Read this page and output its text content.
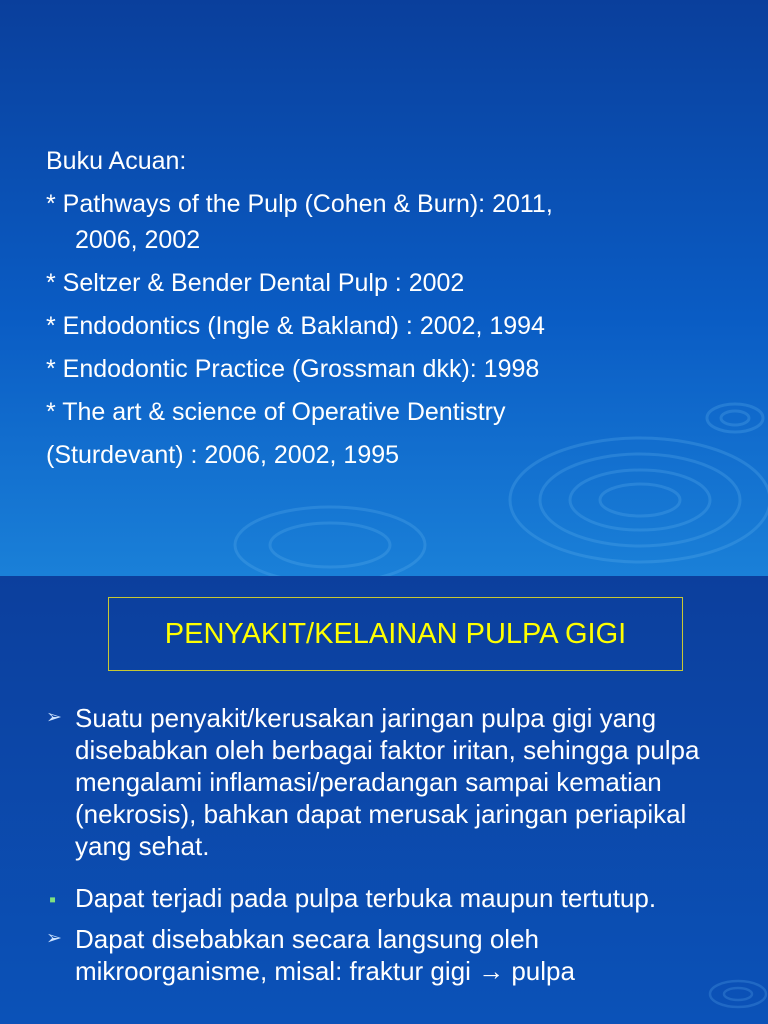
Buku Acuan:
* Pathways of the Pulp (Cohen & Burn): 2011,
2006, 2002
* Seltzer & Bender Dental Pulp : 2002
* Endodontics (Ingle & Bakland) : 2002, 1994
* Endodontic Practice (Grossman dkk): 1998
* The art & science of Operative Dentistry
(Sturdevant) : 2006, 2002, 1995
PENYAKIT/KELAINAN PULPA GIGI
➢ Suatu penyakit/kerusakan jaringan pulpa gigi yang disebabkan oleh berbagai faktor iritan, sehingga pulpa mengalami inflamasi/peradangan sampai kematian (nekrosis), bahkan dapat merusak jaringan periapikal yang sehat.
▪ Dapat terjadi pada pulpa terbuka maupun tertutup.
➢ Dapat disebabkan secara langsung oleh mikroorganisme, misal: fraktur gigi → pulpa
